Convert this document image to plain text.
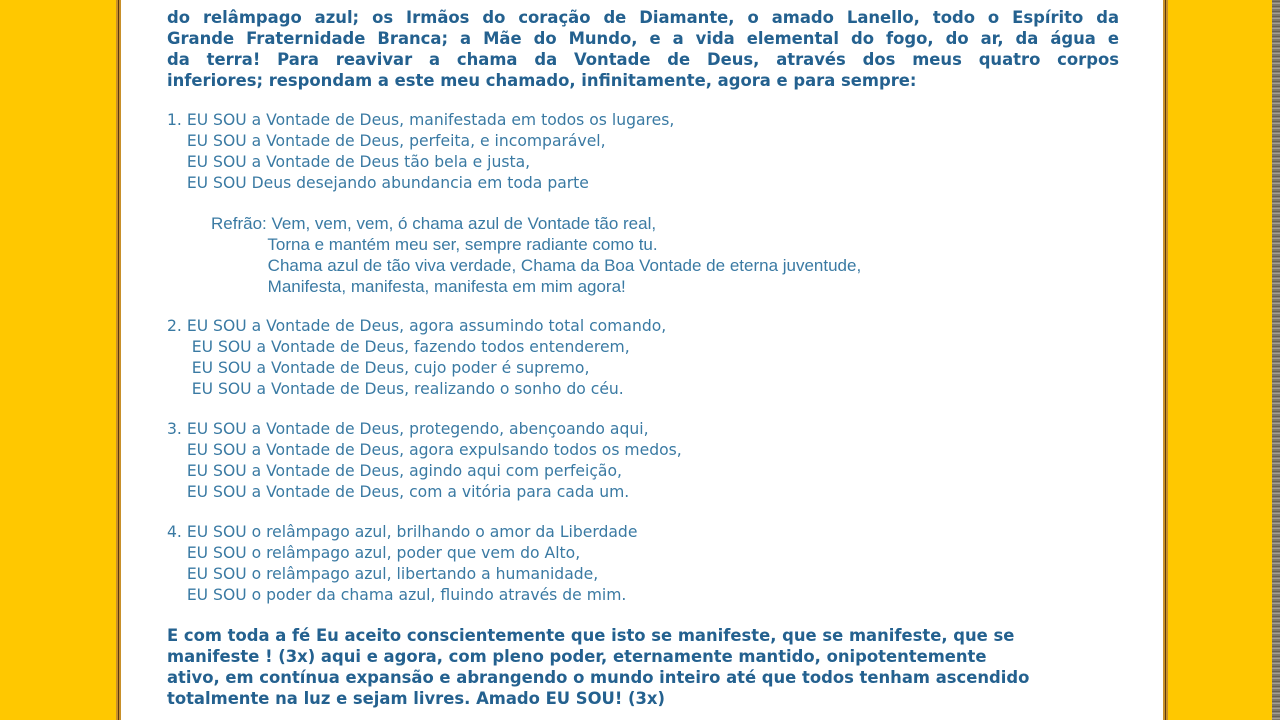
do relâmpago azul; os Irmãos do coração de Diamante, o amado Lanello, todo o Espírito da
Grande Fraternidade Branca; a Mãe do Mundo, e a vida elemental do fogo, do ar, da água e
da terra! Para reavivar a chama da Vontade de Deus, através dos meus quatro corpos
inferiores; respondam a este meu chamado, infinitamente, agora e para sempre:
1. EU SOU a Vontade de Deus, manifestada em todos os lugares,
EU SOU a Vontade de Deus, perfeita, e incomparável,
EU SOU a Vontade de Deus tão bela e justa,
EU SOU Deus desejando abundancia em toda parte
Refrão: Vem, vem, vem, ó chama azul de Vontade tão real,
Torna e mantém meu ser, sempre radiante como tu.
Chama azul de tão viva verdade, Chama da Boa Vontade de eterna juventude,
Manifesta, manifesta, manifesta em mim agora!
2. EU SOU a Vontade de Deus, agora assumindo total comando,
EU SOU a Vontade de Deus, fazendo todos entenderem,
EU SOU a Vontade de Deus, cujo poder é supremo,
EU SOU a Vontade de Deus, realizando o sonho do céu.
3. EU SOU a Vontade de Deus, protegendo, abençoando aqui,
EU SOU a Vontade de Deus, agora expulsando todos os medos,
EU SOU a Vontade de Deus, agindo aqui com perfeição,
EU SOU a Vontade de Deus, com a vitória para cada um.
4. EU SOU o relâmpago azul, brilhando o amor da Liberdade
EU SOU o relâmpago azul, poder que vem do Alto,
EU SOU o relâmpago azul, libertando a humanidade,
EU SOU o poder da chama azul, fluindo através de mim.
E com toda a fé Eu aceito conscientemente que isto se manifeste, que se manifeste, que se
manifeste ! (3x) aqui e agora, com pleno poder, eternamente mantido, onipotentemente
ativo, em contínua expansão e abrangendo o mundo inteiro até que todos tenham ascendido
totalmente na luz e sejam livres. Amado EU SOU! (3x)
